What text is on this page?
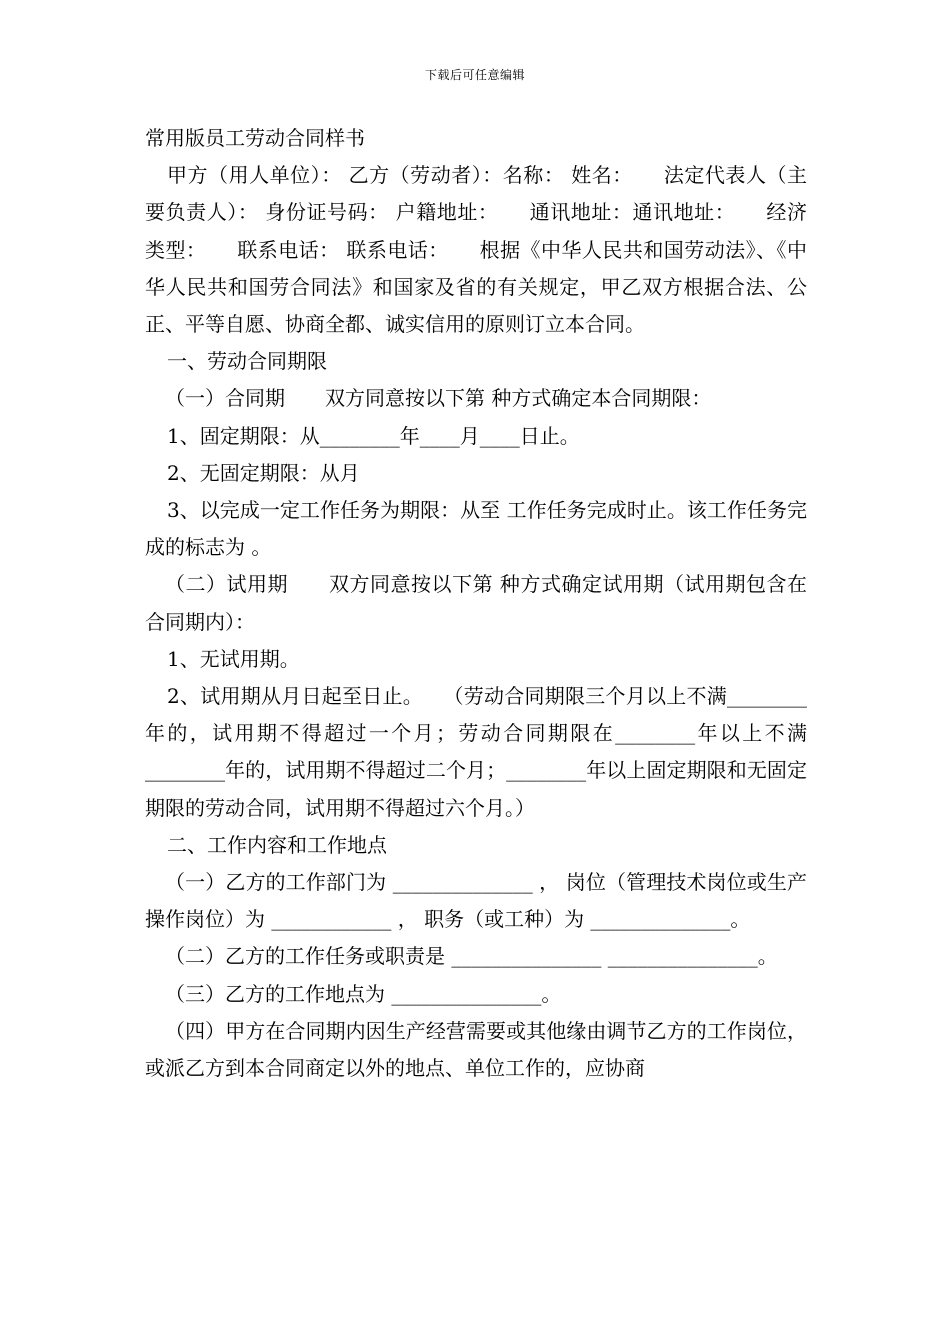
下载后可任意编辑

常用版员工劳动合同样书

甲方（用人单位）： 乙方（劳动者）：名称： 姓名：　　法定代表人（主要负责人）： 身份证号码： 户籍地址：　　通讯地址：通讯地址：　　经济类型：　　联系电话： 联系电话：　　根据《中华人民共和国劳动法》、《中华人民共和国劳合同法》和国家及省的有关规定，甲乙双方根据合法、公正、平等自愿、协商全都、诚实信用的原则订立本合同。

一、劳动合同期限

（一）合同期　　双方同意按以下第 种方式确定本合同期限：

1、固定期限：从________年____月____日止。

2、无固定期限：从月

3、以完成一定工作任务为期限：从至 工作任务完成时止。该工作任务完成的标志为 。

（二）试用期　　双方同意按以下第 种方式确定试用期（试用期包含在合同期内）：

1、无试用期。

2、试用期从月日起至日止。　　（劳动合同期限三个月以上不满________年的，试用期不得超过一个月；劳动合同期限在________年以上不满________年的，试用期不得超过二个月；________年以上固定期限和无固定期限的劳动合同，试用期不得超过六个月。）

二、工作内容和工作地点

（一）乙方的工作部门为 ______________ ， 岗位（管理技术岗位或生产操作岗位）为 ____________ ， 职务（或工种）为 ______________。

（二）乙方的工作任务或职责是 _______________ _______________。

（三）乙方的工作地点为 _______________。

（四）甲方在合同期内因生产经营需要或其他缘由调节乙方的工作岗位，或派乙方到本合同商定以外的地点、单位工作的，应协商
